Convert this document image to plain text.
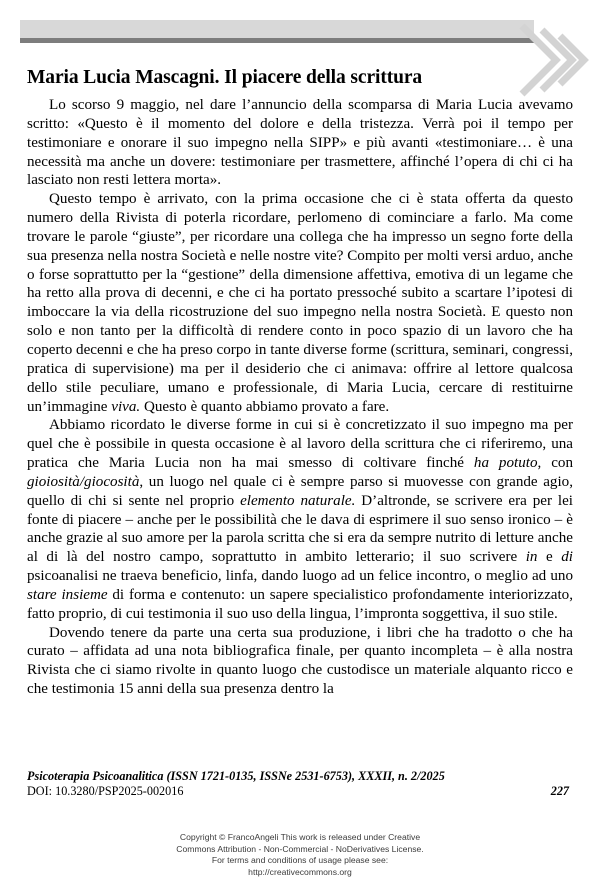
Maria Lucia Mascagni. Il piacere della scrittura

Lo scorso 9 maggio, nel dare l’annuncio della scomparsa di Maria Lucia avevamo scritto: «Questo è il momento del dolore e della tristezza. Verrà poi il tempo per testimoniare e onorare il suo impegno nella SIPP» e più avanti «testimoniare… è una necessità ma anche un dovere: testimoniare per trasmettere, affinché l’opera di chi ci ha lasciato non resti lettera morta».

Questo tempo è arrivato, con la prima occasione che ci è stata offerta da questo numero della Rivista di poterla ricordare, perlomeno di cominciare a farlo. Ma come trovare le parole “giuste”, per ricordare una collega che ha impresso un segno forte della sua presenza nella nostra Società e nelle nostre vite? Compito per molti versi arduo, anche o forse soprattutto per la “gestione” della dimensione affettiva, emotiva di un legame che ha retto alla prova di decenni, e che ci ha portato pressoché subito a scartare l’ipotesi di imboccare la via della ricostruzione del suo impegno nella nostra Società. E questo non solo e non tanto per la difficoltà di rendere conto in poco spazio di un lavoro che ha coperto decenni e che ha preso corpo in tante diverse forme (scrittura, seminari, congressi, pratica di supervisione) ma per il desiderio che ci animava: offrire al lettore qualcosa dello stile peculiare, umano e professionale, di Maria Lucia, cercare di restituirne un’immagine viva. Questo è quanto abbiamo provato a fare.

Abbiamo ricordato le diverse forme in cui si è concretizzato il suo impegno ma per quel che è possibile in questa occasione è al lavoro della scrittura che ci riferiremo, una pratica che Maria Lucia non ha mai smesso di coltivare finché ha potuto, con gioiosità/giocosità, un luogo nel quale ci è sempre parso si muovesse con grande agio, quello di chi si sente nel proprio elemento naturale. D’altronde, se scrivere era per lei fonte di piacere – anche per le possibilità che le dava di esprimere il suo senso ironico – è anche grazie al suo amore per la parola scritta che si era da sempre nutrito di letture anche al di là del nostro campo, soprattutto in ambito letterario; il suo scrivere in e di psicoanalisi ne traeva beneficio, linfa, dando luogo ad un felice incontro, o meglio ad uno stare insieme di forma e contenuto: un sapere specialistico profondamente interiorizzato, fatto proprio, di cui testimonia il suo uso della lingua, l’impronta soggettiva, il suo stile.

Dovendo tenere da parte una certa sua produzione, i libri che ha tradotto o che ha curato – affidata ad una nota bibliografica finale, per quanto incompleta – è alla nostra Rivista che ci siamo rivolte in quanto luogo che custodisce un materiale alquanto ricco e che testimonia 15 anni della sua presenza dentro la

Psicoterapia Psicoanalitica (ISSN 1721-0135, ISSNe 2531-6753), XXXII, n. 2/2025
DOI: 10.3280/PSP2025-002016	227
Copyright © FrancoAngeli This work is released under Creative
Commons Attribution - Non-Commercial - NoDerivatives License.
For terms and conditions of usage please see:
http://creativecommons.org
